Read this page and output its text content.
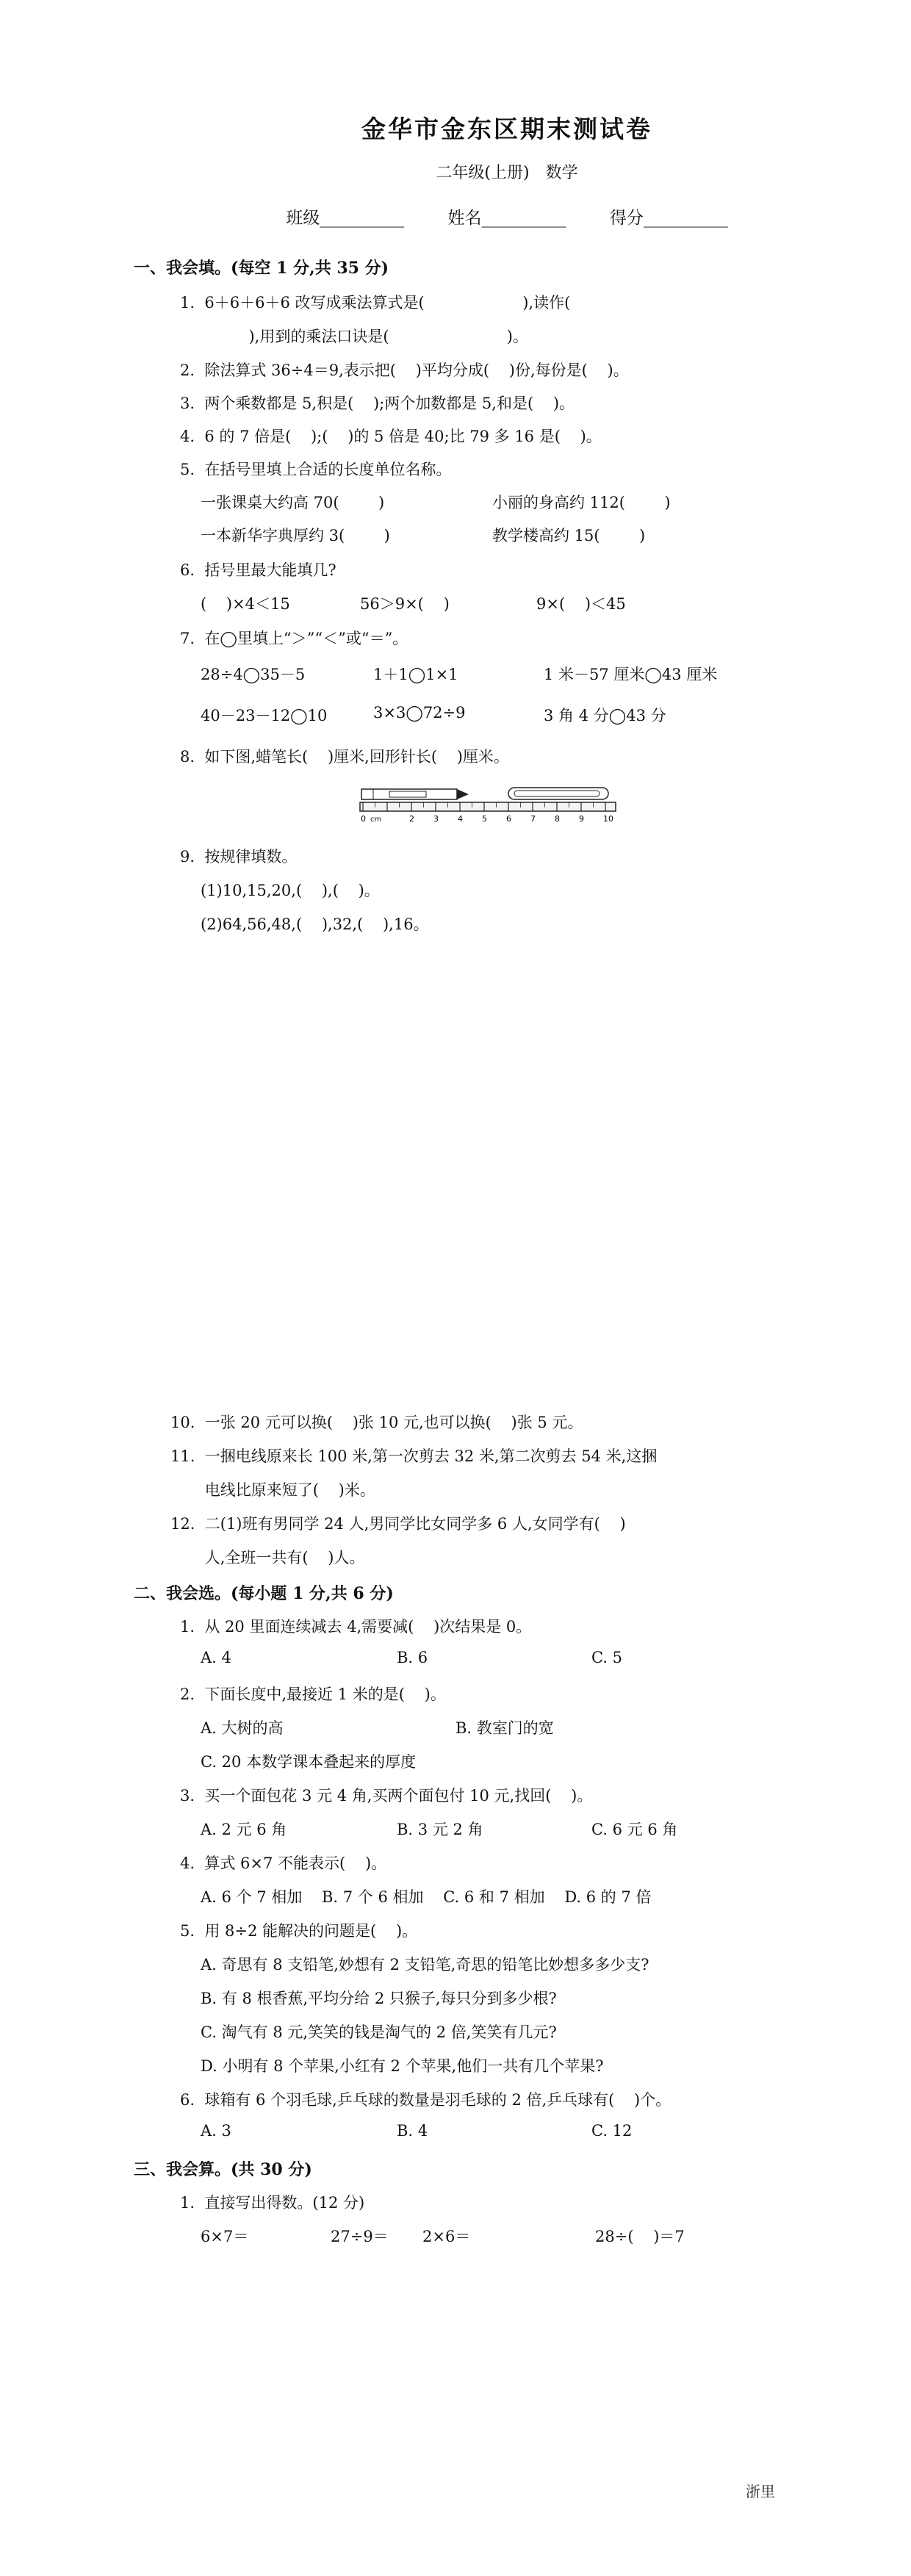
金华市金东区期末测试卷
二年级(上册)　数学
班级__________	姓名__________	得分__________
一、我会填。(每空 1 分,共 35 分)
1.  6＋6＋6＋6 改写成乘法算式是(                    ),读作(
),用到的乘法口诀是(                        )。
2.  除法算式 36÷4＝9,表示把(    )平均分成(    )份,每份是(    )。
3.  两个乘数都是 5,积是(    );两个加数都是 5,和是(    )。
4.  6 的 7 倍是(    );(    )的 5 倍是 40;比 79 多 16 是(    )。
5.  在括号里填上合适的长度单位名称。
一张课桌大约高 70(        )	小丽的身高约 112(        )
一本新华字典厚约 3(        )	教学楼高约 15(        )
6.  括号里最大能填几?
(    )×4＜15	56＞9×(    )	9×(    )＜45
7.  在◯里填上“＞”“＜”或“＝”。
28÷4◯35－5	1＋1◯1×1	1 米－57 厘米◯43 厘米
40－23－12◯10	3×3◯72÷9	3 角 4 分◯43 分
8.  如下图,蜡笔长(    )厘米,回形针长(    )厘米。
0	2 3 4 5 6 7 8 9 10
cm
9.  按规律填数。
(1)10,15,20,(    ),(    )。
(2)64,56,48,(    ),32,(    ),16。
10.  一张 20 元可以换(    )张 10 元,也可以换(    )张 5 元。
11.  一捆电线原来长 100 米,第一次剪去 32 米,第二次剪去 54 米,这捆
电线比原来短了(    )米。
12.  二(1)班有男同学 24 人,男同学比女同学多 6 人,女同学有(    )
人,全班一共有(    )人。
二、我会选。(每小题 1 分,共 6 分)
1.  从 20 里面连续减去 4,需要减(    )次结果是 0。
A. 4	B. 6	C. 5
2.  下面长度中,最接近 1 米的是(    )。
A. 大树的高	B. 教室门的宽
C. 20 本数学课本叠起来的厚度
3.  买一个面包花 3 元 4 角,买两个面包付 10 元,找回(    )。
A. 2 元 6 角	B. 3 元 2 角	C. 6 元 6 角
4.  算式 6×7 不能表示(    )。
A. 6 个 7 相加    B. 7 个 6 相加    C. 6 和 7 相加    D. 6 的 7 倍
5.  用 8÷2 能解决的问题是(    )。
A. 奇思有 8 支铅笔,妙想有 2 支铅笔,奇思的铅笔比妙想多多少支?
B. 有 8 根香蕉,平均分给 2 只猴子,每只分到多少根?
C. 淘气有 8 元,笑笑的钱是淘气的 2 倍,笑笑有几元?
D. 小明有 8 个苹果,小红有 2 个苹果,他们一共有几个苹果?
6.  球箱有 6 个羽毛球,乒乓球的数量是羽毛球的 2 倍,乒乓球有(    )个。
A. 3	B. 4	C. 12
三、我会算。(共 30 分)
1.  直接写出得数。(12 分)
6×7＝	27÷9＝ 2×6＝	28÷(    )＝7
浙里
